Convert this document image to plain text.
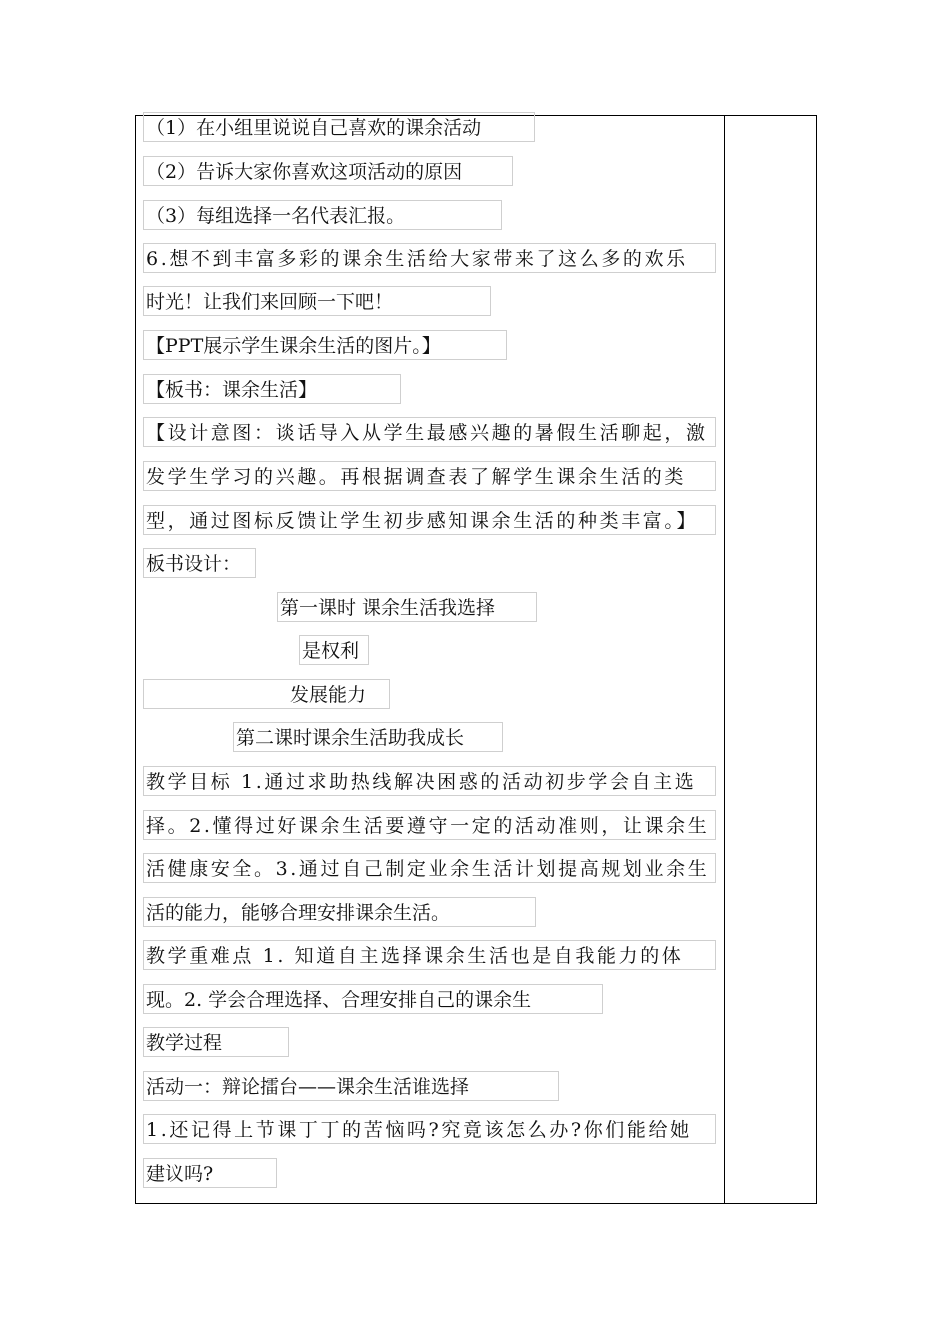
（1）在小组里说说自己喜欢的课余活动
（2）告诉大家你喜欢这项活动的原因
（3）每组选择一名代表汇报。
6.想不到丰富多彩的课余生活给大家带来了这么多的欢乐
时光！让我们来回顾一下吧！
【PPT展示学生课余生活的图片。】
【板书：课余生活】
【设计意图：谈话导入从学生最感兴趣的暑假生活聊起，激
发学生学习的兴趣。再根据调查表了解学生课余生活的类
型，通过图标反馈让学生初步感知课余生活的种类丰富。】
板书设计：
第一课时 课余生活我选择
是权利
发展能力
第二课时课余生活助我成长
教学目标 1.通过求助热线解决困惑的活动初步学会自主选
择。2.懂得过好课余生活要遵守一定的活动准则，让课余生
活健康安全。3.通过自己制定业余生活计划提高规划业余生
活的能力，能够合理安排课余生活。
教学重难点 1. 知道自主选择课余生活也是自我能力的体
现。2. 学会合理选择、合理安排自己的课余生
教学过程
活动一：辩论擂台——课余生活谁选择
1.还记得上节课丁丁的苦恼吗?究竟该怎么办?你们能给她
建议吗?
